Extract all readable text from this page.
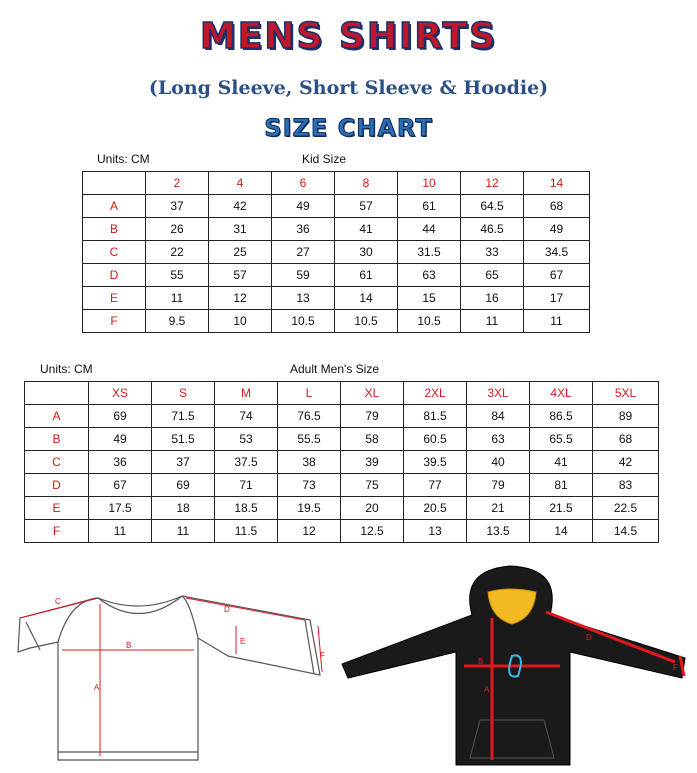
MENS SHIRTS
(Long Sleeve, Short Sleeve & Hoodie)
SIZE CHART
Units: CM	Kid Size
	2	4	6	8	10	12	14
A	37	42	49	57	61	64.5	68
B	26	31	36	41	44	46.5	49
C	22	25	27	30	31.5	33	34.5
D	55	57	59	61	63	65	67
E	11	12	13	14	15	16	17
F	9.5	10	10.5	10.5	10.5	11	11
Units: CM	Adult Men's Size
	XS	S	M	L	XL	2XL	3XL	4XL	5XL
A	69	71.5	74	76.5	79	81.5	84	86.5	89
B	49	51.5	53	55.5	58	60.5	63	65.5	68
C	36	37	37.5	38	39	39.5	40	41	42
D	67	69	71	73	75	77	79	81	83
E	17.5	18	18.5	19.5	20	20.5	21	21.5	22.5
F	11	11	11.5	12	12.5	13	13.5	14	14.5
A
B
C
D
E
F
A
B
D
F
